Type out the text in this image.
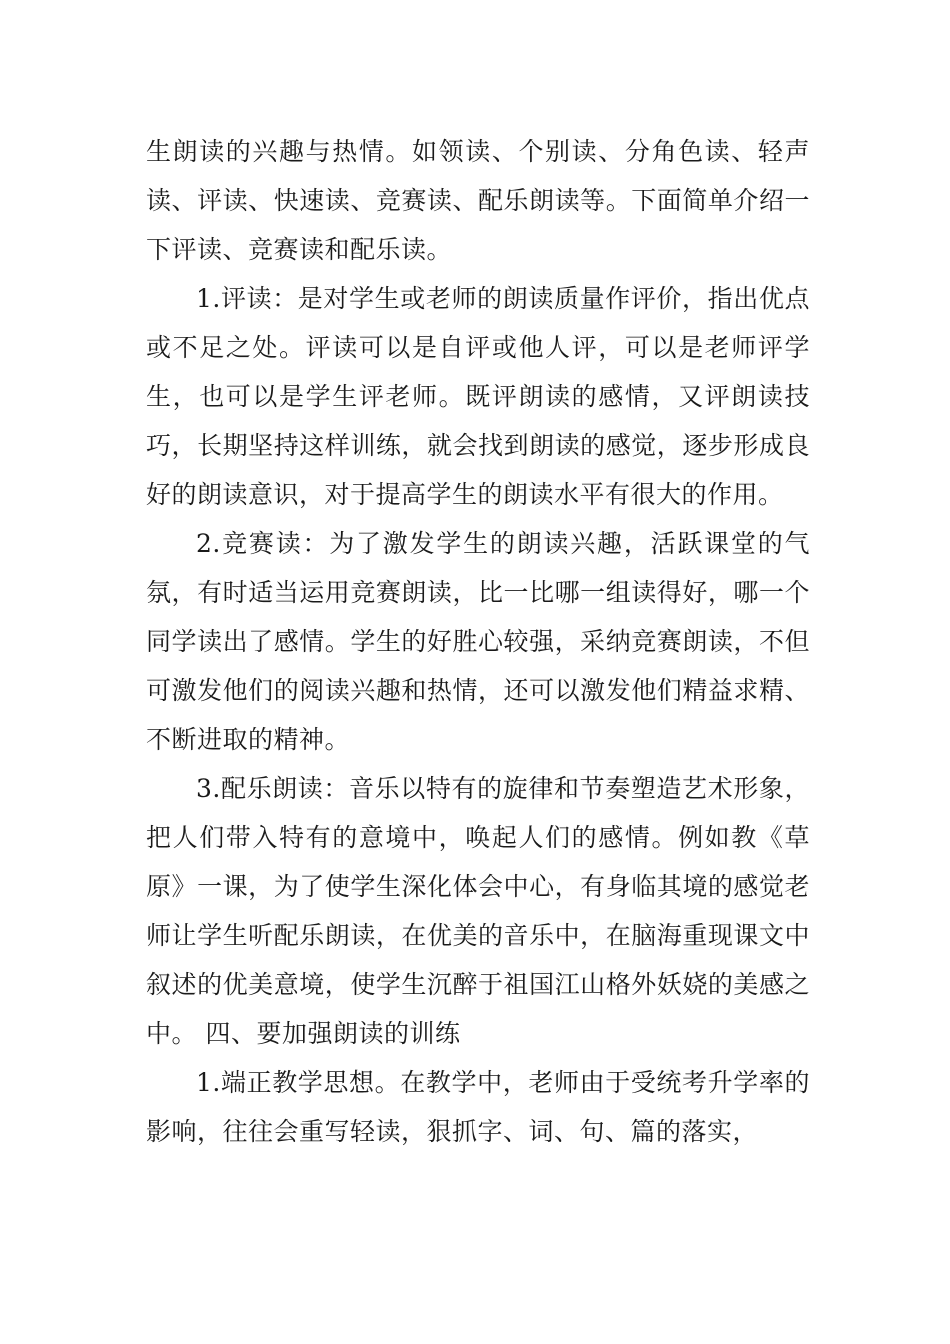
生朗读的兴趣与热情。如领读、个别读、分角色读、轻声读、评读、快速读、竞赛读、配乐朗读等。下面简单介绍一下评读、竞赛读和配乐读。

1.评读：是对学生或老师的朗读质量作评价，指出优点或不足之处。评读可以是自评或他人评，可以是老师评学生，也可以是学生评老师。既评朗读的感情，又评朗读技巧，长期坚持这样训练，就会找到朗读的感觉，逐步形成良好的朗读意识，对于提高学生的朗读水平有很大的作用。

2.竞赛读：为了激发学生的朗读兴趣，活跃课堂的气氛，有时适当运用竞赛朗读，比一比哪一组读得好，哪一个同学读出了感情。学生的好胜心较强，采纳竞赛朗读，不但可激发他们的阅读兴趣和热情，还可以激发他们精益求精、不断进取的精神。

3.配乐朗读：音乐以特有的旋律和节奏塑造艺术形象，把人们带入特有的意境中，唤起人们的感情。例如教《草原》一课，为了使学生深化体会中心，有身临其境的感觉老师让学生听配乐朗读，在优美的音乐中，在脑海重现课文中叙述的优美意境，使学生沉醉于祖国江山格外妖娆的美感之中。 四、要加强朗读的训练

1.端正教学思想。在教学中，老师由于受统考升学率的影响，往往会重写轻读，狠抓字、词、句、篇的落实，
